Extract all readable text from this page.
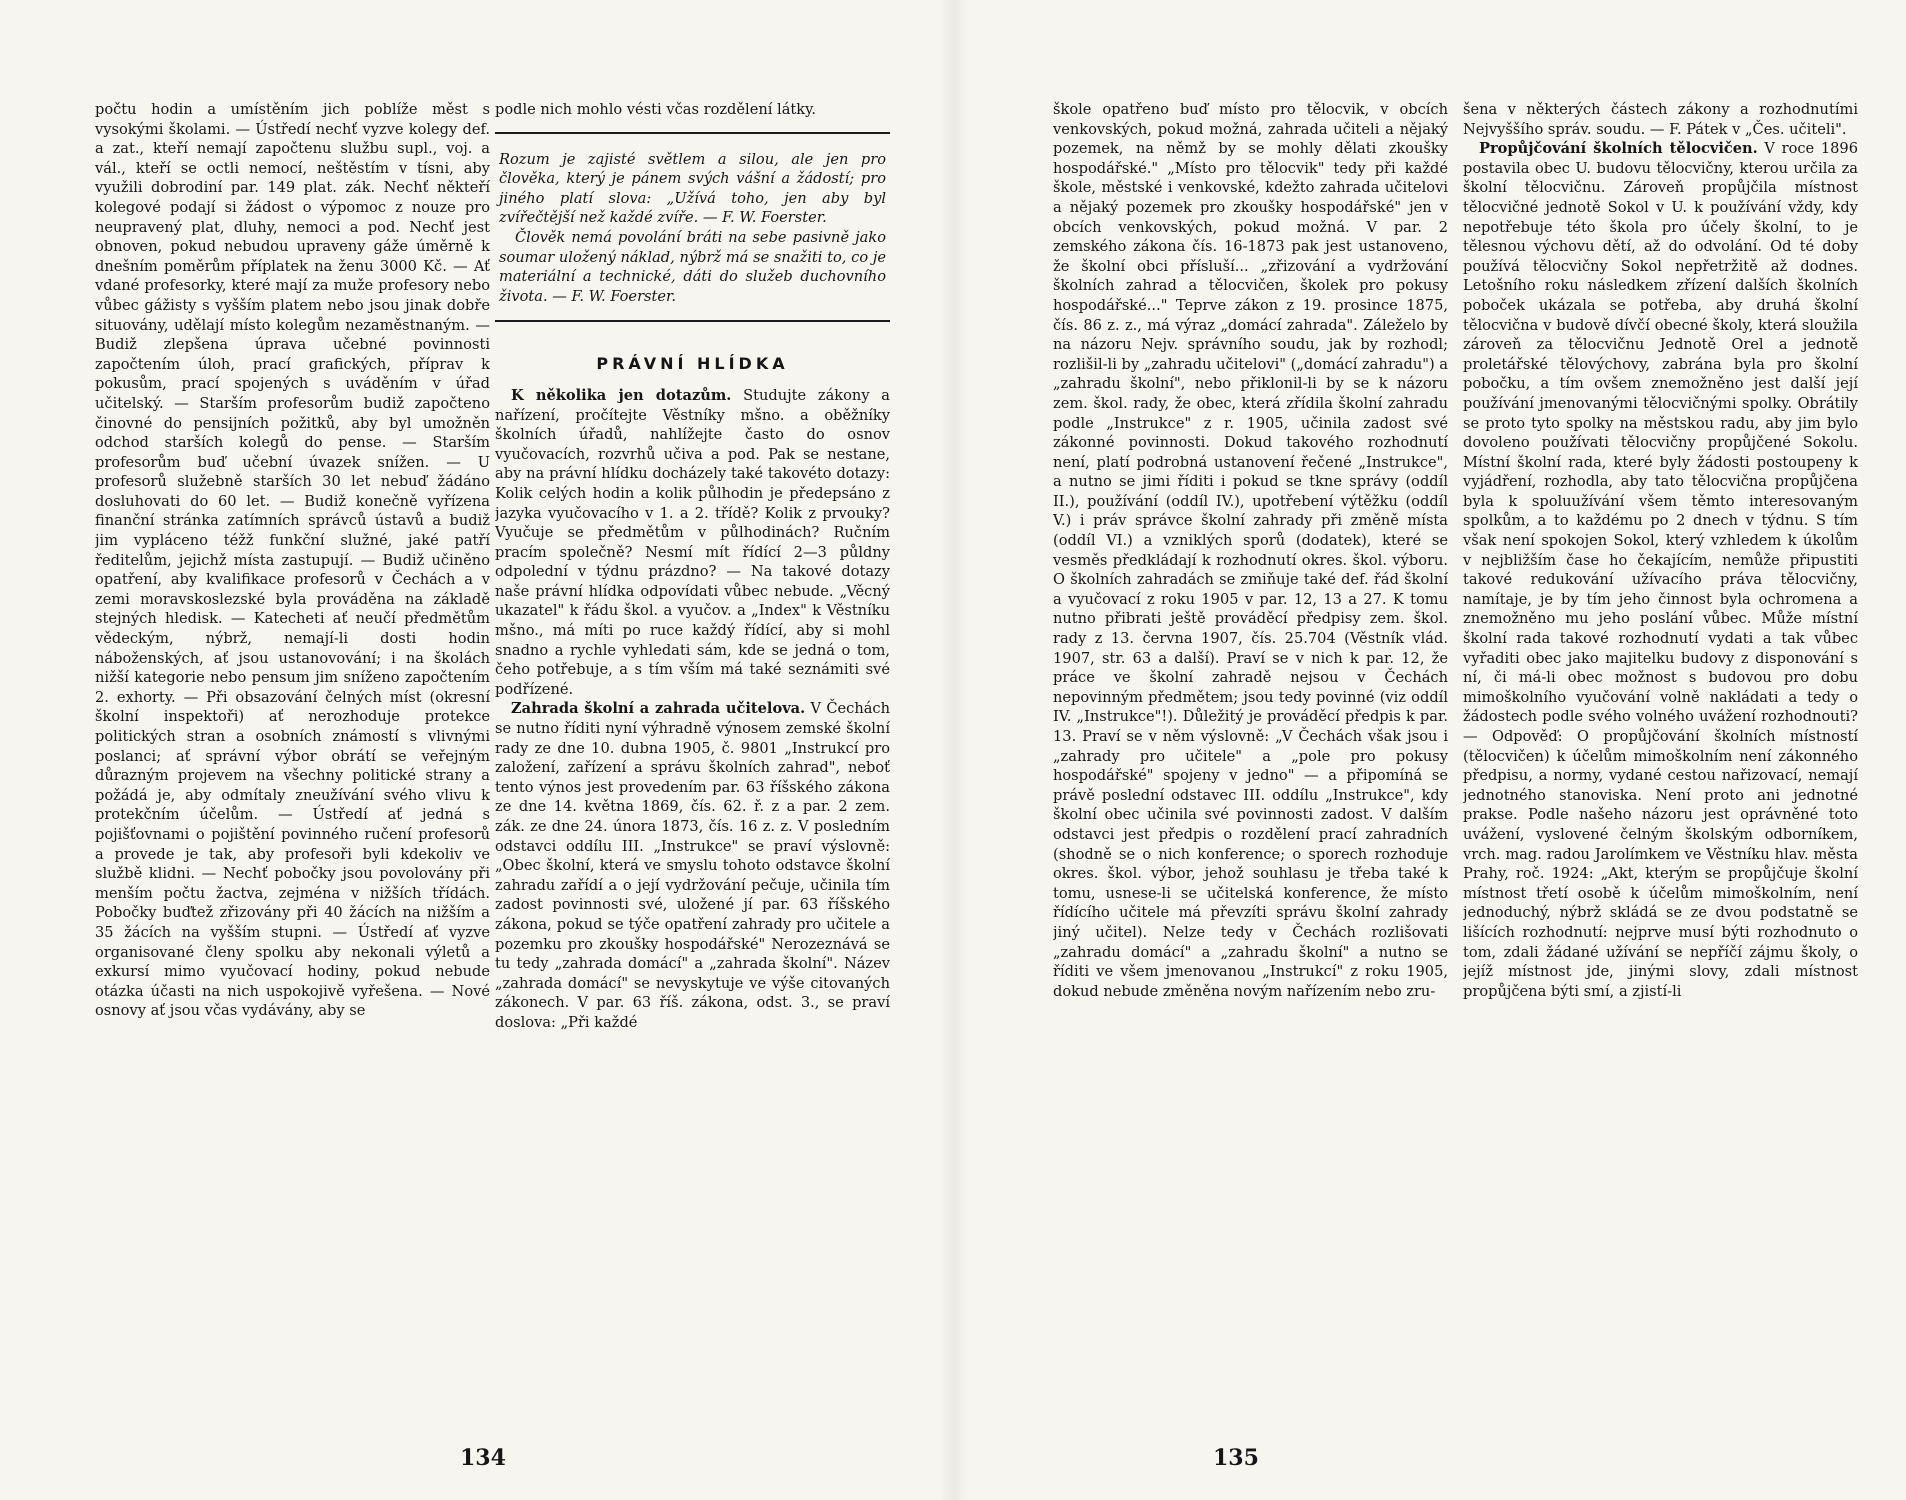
počtu hodin a umístěním jich poblíže měst s vysokými školami. — Ústředí nechť vyzve kolegy def. a zat., kteří nemají započtenu službu supl., voj. a vál., kteří se octli nemocí, neštěstím v tísni, aby využili dobrodiní par. 149 plat. zák. Nechť někteří kolegové podají si žádost o výpomoc z nouze pro neupravený plat, dluhy, nemoci a pod. Nechť jest obnoven, pokud nebudou upraveny gáže úměrně k dnešním poměrům příplatek na ženu 3000 Kč. — Ať vdané profesorky, které mají za muže profesory nebo vůbec gážisty s vyšším platem nebo jsou jinak dobře situovány, udělají místo kolegům nezaměstnaným. — Budiž zlepšena úprava učebné povinnosti započtením úloh, prací grafických, příprav k pokusům, prací spojených s uváděním v úřad učitelský. — Starším profesorům budiž započteno činovné do pensijních požitků, aby byl umožněn odchod starších kolegů do pense. — Starším profesorům buď učební úvazek snížen. — U profesorů služebně starších 30 let nebuď žádáno dosluhovati do 60 let. — Budiž konečně vyřízena finanční stránka zatímních správců ústavů a budiž jim vypláceno téžž funkční služné, jaké patří ředitelům, jejichž místa zastupují. — Budiž učiněno opatření, aby kvalifikace profesorů v Čechách a v zemi moravskoslezské byla prováděna na základě stejných hledisk. — Katecheti ať neučí předmětům vědeckým, nýbrž, nemají-li dosti hodin náboženských, ať jsou ustanovování; i na školách nižší kategorie nebo pensum jim sníženo započtením 2. exhorty. — Při obsazování čelných míst (okresní školní inspektoři) ať nerozhoduje protekce politických stran a osobních známostí s vlivnými poslanci; ať správní výbor obrátí se veřejným důrazným projevem na všechny politické strany a požádá je, aby odmítaly zneužívání svého vlivu k protekčním účelům. — Ústředí ať jedná s pojišťovnami o pojištění povinného ručení profesorů a provede je tak, aby profesoři byli kdekoliv ve službě klidni. — Nechť pobočky jsou povolovány při menším počtu žactva, zejména v nižších třídách. Pobočky buďtež zřizovány při 40 žácích na nižším a 35 žácích na vyšším stupni. — Ústředí ať vyzve organisované členy spolku aby nekonali výletů a exkursí mimo vyučovací hodiny, pokud nebude otázka účasti na nich uspokojivě vyřešena. — Nové osnovy ať jsou včas vydávány, aby se

podle nich mohlo vésti včas rozdělení látky.

Rozum je zajisté světlem a silou, ale jen pro člověka, který je pánem svých vášní a žádostí; pro jiného platí slova: „Užívá toho, jen aby byl zvířečtější než každé zvíře. — F. W. Foerster.

Člověk nemá povolání bráti na sebe pasivně jako soumar uložený náklad, nýbrž má se snažiti to, co je materiální a technické, dáti do služeb duchovního života. — F. W. Foerster.

PRÁVNÍ HLÍDKA

K několika jen dotazům. Studujte zákony a nařízení, pročítejte Věstníky mšno. a oběžníky školních úřadů, nahlížejte často do osnov vyučovacích, rozvrhů učiva a pod. Pak se nestane, aby na právní hlídku docházely také takovéto dotazy: Kolik celých hodin a kolik půlhodin je předepsáno z jazyka vyučovacího v 1. a 2. třídě? Kolik z prvouky? Vyučuje se předmětům v půlhodinách? Ručním pracím společně? Nesmí mít řídící 2—3 půldny odpolední v týdnu prázdno? — Na takové dotazy naše právní hlídka odpovídati vůbec nebude. „Věcný ukazatel" k řádu škol. a vyučov. a „Index" k Věstníku mšno., má míti po ruce každý řídící, aby si mohl snadno a rychle vyhledati sám, kde se jedná o tom, čeho potřebuje, a s tím vším má také seznámiti své podřízené.

Zahrada školní a zahrada učitelova. V Čechách se nutno říditi nyní výhradně výnosem zemské školní rady ze dne 10. dubna 1905, č. 9801 „Instrukcí pro založení, zařízení a správu školních zahrad", neboť tento výnos jest provedením par. 63 říšského zákona ze dne 14. května 1869, čís. 62. ř. z a par. 2 zem. zák. ze dne 24. února 1873, čís. 16 z. z. V posledním odstavci oddílu III. „Instrukce" se praví výslovně: „Obec školní, která ve smyslu tohoto odstavce školní zahradu zařídí a o její vydržování pečuje, učinila tím zadost povinnosti své, uložené jí par. 63 říšského zákona, pokud se týče opatření zahrady pro učitele a pozemku pro zkoušky hospodářské" Nerozeznává se tu tedy „zahrada domácí" a „zahrada školní". Název „zahrada domácí" se nevyskytuje ve výše citovaných zákonech. V par. 63 říš. zákona, odst. 3., se praví doslova: „Při každé

134

škole opatřeno buď místo pro tělocvik, v obcích venkovských, pokud možná, zahrada učiteli a nějaký pozemek, na němž by se mohly dělati zkoušky hospodářské." „Místo pro tělocvik" tedy při každé škole, městské i venkovské, kdežto zahrada učitelovi a nějaký pozemek pro zkoušky hospodářské" jen v obcích venkovských, pokud možná. V par. 2 zemského zákona čís. 16-1873 pak jest ustanoveno, že školní obci přísluší... „zřizování a vydržování školních zahrad a tělocvičen, školek pro pokusy hospodářské..." Teprve zákon z 19. prosince 1875, čís. 86 z. z., má výraz „domácí zahrada". Záleželo by na názoru Nejv. správního soudu, jak by rozhodl; rozlišil-li by „zahradu učitelovi" („domácí zahradu") a „zahradu školní", nebo přiklonil-li by se k názoru zem. škol. rady, že obec, která zřídila školní zahradu podle „Instrukce" z r. 1905, učinila zadost své zákonné povinnosti. Dokud takového rozhodnutí není, platí podrobná ustanovení řečené „Instrukce", a nutno se jimi říditi i pokud se tkne správy (oddíl II.), používání (oddíl IV.), upotřebení výtěžku (oddíl V.) i práv správce školní zahrady při změně místa (oddíl VI.) a vzniklých sporů (dodatek), které se vesměs předkládají k rozhodnutí okres. škol. výboru. O školních zahradách se zmiňuje také def. řád školní a vyučovací z roku 1905 v par. 12, 13 a 27. K tomu nutno přibrati ještě prováděcí předpisy zem. škol. rady z 13. června 1907, čís. 25.704 (Věstník vlád. 1907, str. 63 a další). Praví se v nich k par. 12, že práce ve školní zahradě nejsou v Čechách nepovinným předmětem; jsou tedy povinné (viz oddíl IV. „Instrukce"!). Důležitý je prováděcí předpis k par. 13. Praví se v něm výslovně: „V Čechách však jsou i „zahrady pro učitele" a „pole pro pokusy hospodářské" spojeny v jedno" — a připomíná se právě poslední odstavec III. oddílu „Instrukce", kdy školní obec učinila své povinnosti zadost. V dalším odstavci jest předpis o rozdělení prací zahradních (shodně se o nich konference; o sporech rozhoduje okres. škol. výbor, jehož souhlasu je třeba také k tomu, usnese-li se učitelská konference, že místo řídícího učitele má převzíti správu školní zahrady jiný učitel). Nelze tedy v Čechách rozlišovati „zahradu domácí" a „zahradu školní" a nutno se říditi ve všem jmenovanou „Instrukcí" z roku 1905, dokud nebude změněna novým nařízením nebo zru-

šena v některých částech zákony a rozhodnutími Nejvyššího správ. soudu. — F. Pátek v „Čes. učiteli".

Propůjčování školních tělocvičen. V roce 1896 postavila obec U. budovu tělocvičny, kterou určila za školní tělocvičnu. Zároveň propůjčila místnost tělocvičné jednotě Sokol v U. k používání vždy, kdy nepotřebuje této škola pro účely školní, to je tělesnou výchovu dětí, až do odvolání. Od té doby používá tělocvičny Sokol nepřetržitě až dodnes. Letošního roku následkem zřízení dalších školních poboček ukázala se potřeba, aby druhá školní tělocvična v budově dívčí obecné školy, která sloužila zároveň za tělocvičnu Jednotě Orel a jednotě proletářské tělovýchovy, zabrána byla pro školní pobočku, a tím ovšem znemožněno jest další její používání jmenovanými tělocvičnými spolky. Obrátily se proto tyto spolky na městskou radu, aby jim bylo dovoleno používati tělocvičny propůjčené Sokolu. Místní školní rada, které byly žádosti postoupeny k vyjádření, rozhodla, aby tato tělocvična propůjčena byla k spoluužívání všem těmto interesovaným spolkům, a to každému po 2 dnech v týdnu. S tím však není spokojen Sokol, který vzhledem k úkolům v nejbližším čase ho čekajícím, nemůže připustiti takové redukování užívacího práva tělocvičny, namítaje, je by tím jeho činnost byla ochromena a znemožněno mu jeho poslání vůbec. Může místní školní rada takové rozhodnutí vydati a tak vůbec vyřaditi obec jako majitelku budovy z disponování s ní, či má-li obec možnost s budovou pro dobu mimoškolního vyučování volně nakládati a tedy o žádostech podle svého volného uvážení rozhodnouti? — Odpověď: O propůjčování školních místností (tělocvičen) k účelům mimoškolním není zákonného předpisu, a normy, vydané cestou nařizovací, nemají jednotného stanoviska. Není proto ani jednotné prakse. Podle našeho názoru jest oprávněné toto uvážení, vyslovené čelným školským odborníkem, vrch. mag. radou Jarolímkem ve Věstníku hlav. města Prahy, roč. 1924: „Akt, kterým se propůjčuje školní místnost třetí osobě k účelům mimoškolním, není jednoduchý, nýbrž skládá se ze dvou podstatně se lišících rozhodnutí: nejprve musí býti rozhodnuto o tom, zdali žádané užívání se nepříčí zájmu školy, o jejíž místnost jde, jinými slovy, zdali místnost propůjčena býti smí, a zjistí-li

135
